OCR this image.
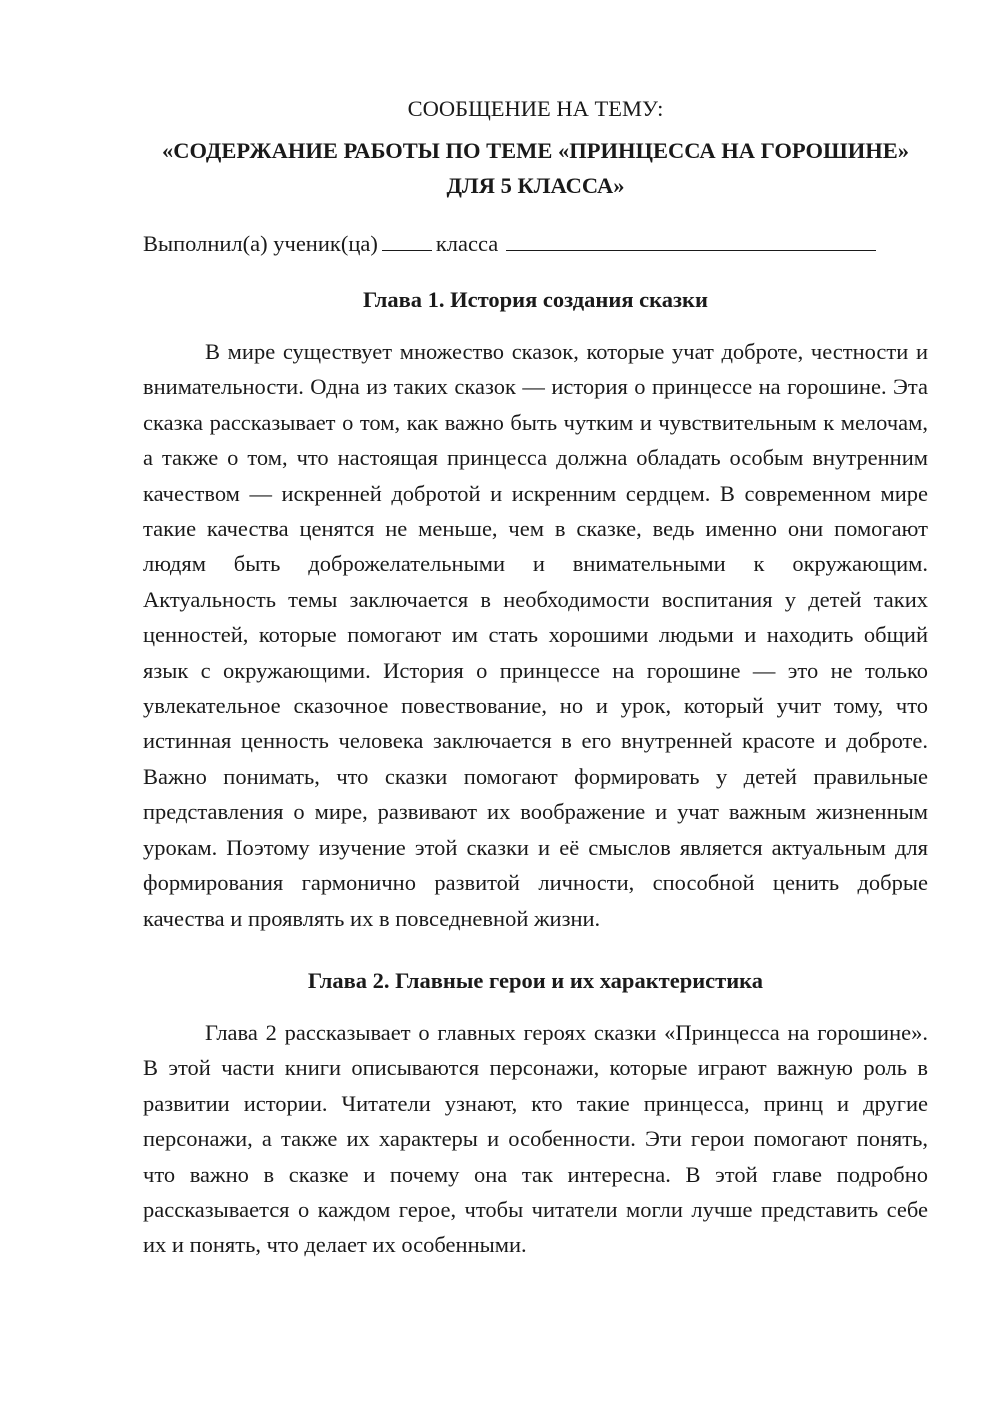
СООБЩЕНИЕ НА ТЕМУ:

«СОДЕРЖАНИЕ РАБОТЫ ПО ТЕМЕ «ПРИНЦЕССА НА ГОРОШИНЕ» ДЛЯ 5 КЛАССА»

Выполнил(а) ученик(ца)	класса

Глава 1. История создания сказки

В мире существует множество сказок, которые учат доброте, честности и внимательности. Одна из таких сказок — история о принцессе на горошине. Эта сказка рассказывает о том, как важно быть чутким и чувствительным к мелочам, а также о том, что настоящая принцесса должна обладать особым внутренним качеством — искренней добротой и искренним сердцем. В современном мире такие качества ценятся не меньше, чем в сказке, ведь именно они помогают людям быть доброжелательными и внимательными к окружающим. Актуальность темы заключается в необходимости воспитания у детей таких ценностей, которые помогают им стать хорошими людьми и находить общий язык с окружающими. История о принцессе на горошине — это не только увлекательное сказочное повествование, но и урок, который учит тому, что истинная ценность человека заключается в его внутренней красоте и доброте. Важно понимать, что сказки помогают формировать у детей правильные представления о мире, развивают их воображение и учат важным жизненным урокам. Поэтому изучение этой сказки и её смыслов является актуальным для формирования гармонично развитой личности, способной ценить добрые качества и проявлять их в повседневной жизни.

Глава 2. Главные герои и их характеристика

Глава 2 рассказывает о главных героях сказки «Принцесса на горошине». В этой части книги описываются персонажи, которые играют важную роль в развитии истории. Читатели узнают, кто такие принцесса, принц и другие персонажи, а также их характеры и особенности. Эти герои помогают понять, что важно в сказке и почему она так интересна. В этой главе подробно рассказывается о каждом герое, чтобы читатели могли лучше представить себе их и понять, что делает их особенными.
